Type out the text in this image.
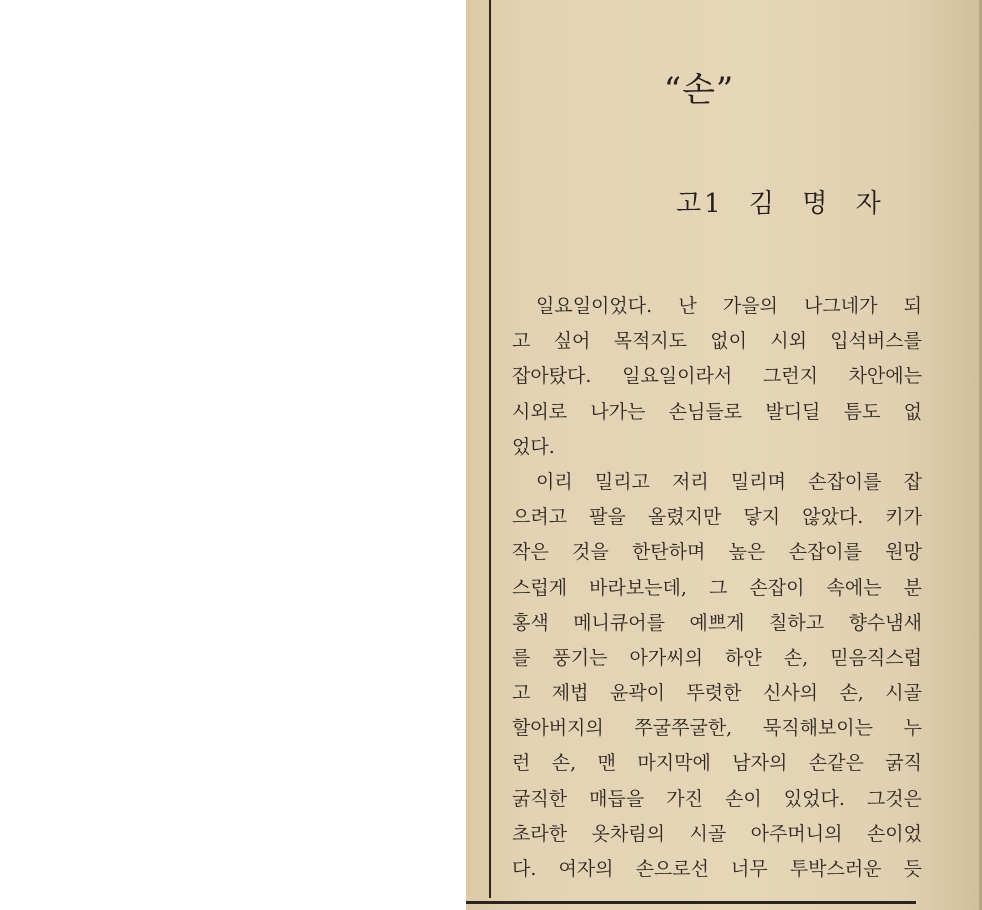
“손”
고1 김 명 자
일요일이었다. 난 가을의 나그네가 되
고 싶어 목적지도 없이 시외 입석버스를
잡아탔다. 일요일이라서 그런지 차안에는
시외로 나가는 손님들로 발디딜 틈도 없
었다.
이리 밀리고 저리 밀리며 손잡이를 잡
으려고 팔을 올렸지만 닿지 않았다. 키가
작은 것을 한탄하며 높은 손잡이를 원망
스럽게 바라보는데, 그 손잡이 속에는 분
홍색 메니큐어를 예쁘게 칠하고 향수냄새
를 풍기는 아가씨의 하얀 손, 믿음직스럽
고 제법 윤곽이 뚜렷한 신사의 손, 시골
할아버지의 쭈굴쭈굴한, 묵직해보이는 누
런 손, 맨 마지막에 남자의 손같은 굵직
굵직한 매듭을 가진 손이 있었다. 그것은
초라한 옷차림의 시골 아주머니의 손이었
다. 여자의 손으로선 너무 투박스러운 듯
